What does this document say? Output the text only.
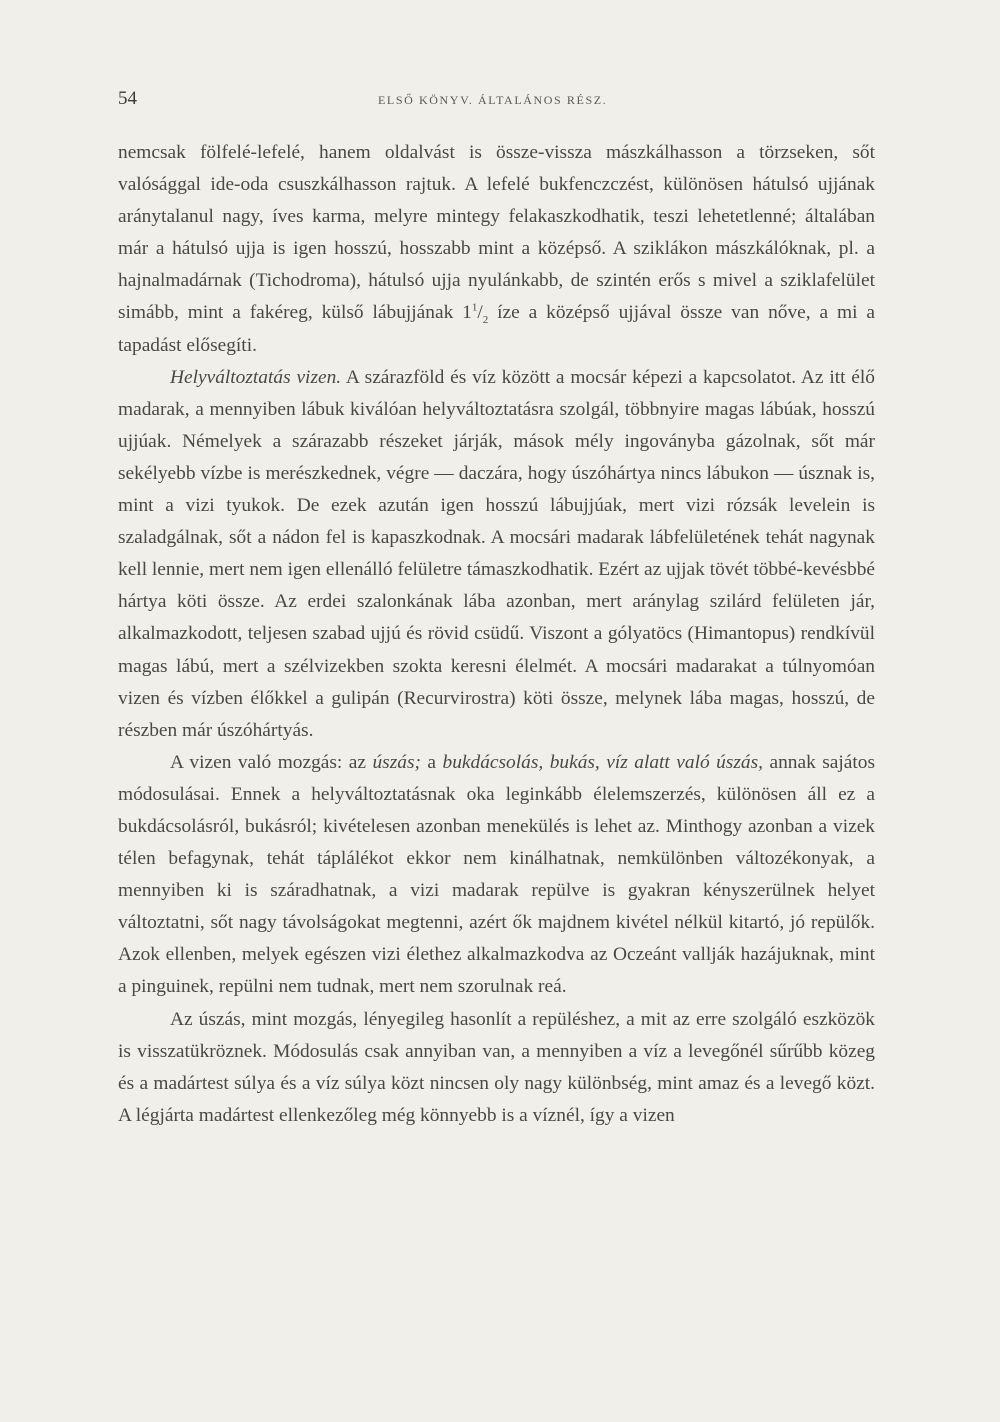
54	ELSŐ KÖNYV. ÁLTALÁNOS RÉSZ.

nemcsak fölfelé-lefelé, hanem oldalvást is össze-vissza mászkálhasson a törzseken, sőt valósággal ide-oda csuszkálhasson rajtuk. A lefelé bukfenczczést, különösen hátulsó ujjának aránytalanul nagy, íves karma, melyre mintegy felakaszkodhatik, teszi lehetetlenné; általában már a hátulsó ujja is igen hosszú, hosszabb mint a középső. A sziklákon mászkálóknak, pl. a hajnalmadárnak (Tichodroma), hátulsó ujja nyulánkabb, de szintén erős s mivel a sziklafelület simább, mint a fakéreg, külső lábujjának $1^1/_2$ íze a középső ujjával össze van nőve, a mi a tapadást elősegíti.

Helyváltoztatás vizen. A szárazföld és víz között a mocsár képezi a kapcsolatot. Az itt élő madarak, a mennyiben lábuk kiválóan helyváltoztatásra szolgál, többnyire magas lábúak, hosszú ujjúak. Némelyek a szárazabb részeket járják, mások mély ingoványba gázolnak, sőt már sekélyebb vízbe is merészkednek, végre — daczára, hogy úszóhártya nincs lábukon — úsznak is, mint a vizi tyukok. De ezek azután igen hosszú lábujjúak, mert vizi rózsák levelein is szaladgálnak, sőt a nádon fel is kapaszkodnak. A mocsári madarak lábfelületének tehát nagynak kell lennie, mert nem igen ellenálló felületre támaszkodhatik. Ezért az ujjak tövét többé-kevésbbé hártya köti össze. Az erdei szalonkának lába azonban, mert aránylag szilárd felületen jár, alkalmazkodott, teljesen szabad ujjú és rövid csüdű. Viszont a gólyatöcs (Himantopus) rendkívül magas lábú, mert a szélvizekben szokta keresni élelmét. A mocsári madarakat a túlnyomóan vizen és vízben élőkkel a gulipán (Recurvirostra) köti össze, melynek lába magas, hosszú, de részben már úszóhártyás.

A vizen való mozgás: az úszás; a bukdácsolás, bukás, víz alatt való úszás, annak sajátos módosulásai. Ennek a helyváltoztatásnak oka leginkább élelemszerzés, különösen áll ez a bukdácsolásról, bukásról; kivételesen azonban menekülés is lehet az. Minthogy azonban a vizek télen befagynak, tehát táplálékot ekkor nem kinálhatnak, nemkülönben változékonyak, a mennyiben ki is száradhatnak, a vizi madarak repülve is gyakran kényszerülnek helyet változtatni, sőt nagy távolságokat megtenni, azért ők majdnem kivétel nélkül kitartó, jó repülők. Azok ellenben, melyek egészen vizi élethez alkalmazkodva az Oczeánt vallják hazájuknak, mint a pinguinek, repülni nem tudnak, mert nem szorulnak reá.

Az úszás, mint mozgás, lényegileg hasonlít a repüléshez, a mit az erre szolgáló eszközök is visszatükröznek. Módosulás csak annyiban van, a mennyiben a víz a levegőnél sűrűbb közeg és a madártest súlya és a víz súlya közt nincsen oly nagy különbség, mint amaz és a levegő közt. A légjárta madártest ellenkezőleg még könnyebb is a víznél, így a vizen
